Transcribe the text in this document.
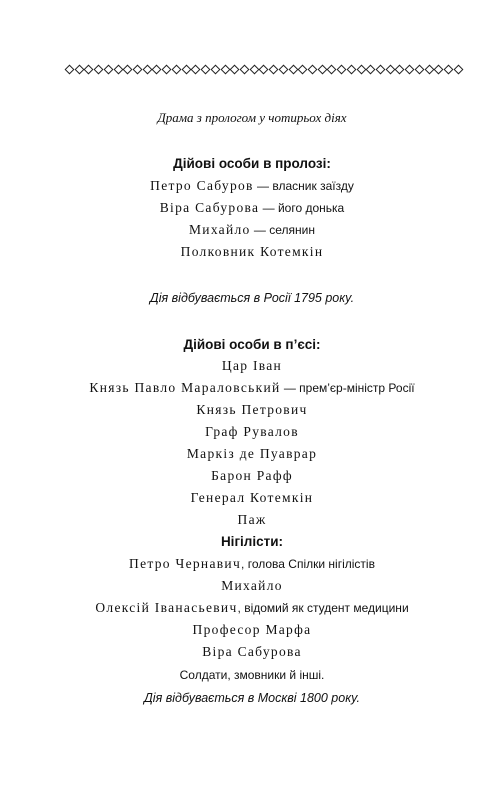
Драма з прологом у чотирьох діях
Дійові особи в пролозі:
Петро Сабуров — власник заїзду
Віра Сабурова — його донька
Михайло — селянин
Полковник Котемкін
Дія відбувається в Росії 1795 року.
Дійові особи в п’єсі:
Цар Іван
Князь Павло Мараловський — прем’єр-міністр Росії
Князь Петрович
Граф Рувалов
Маркіз де Пуаврар
Барон Рафф
Генерал Котемкін
Паж
Нігілісти:
Петро Чернавич, голова Спілки нігілістів
Михайло
Олексій Іванасьевич, відомий як студент медицини
Професор Марфа
Віра Сабурова
Солдати, змовники й інші.
Дія відбувається в Москві 1800 року.
